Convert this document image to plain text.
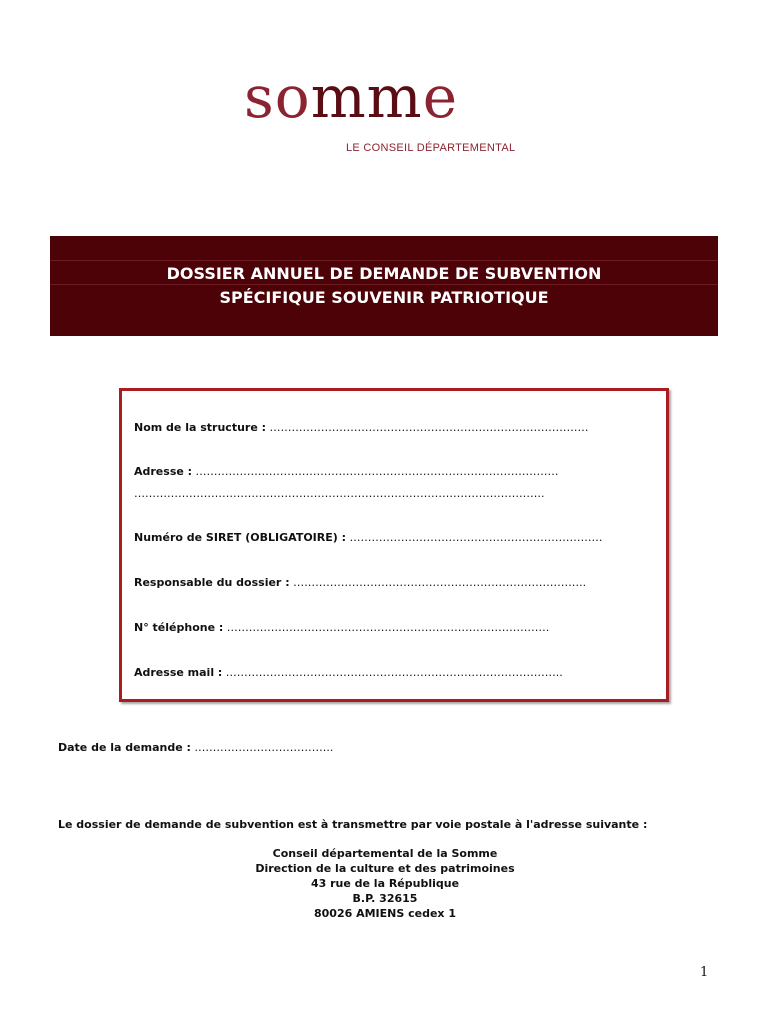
somme
LE CONSEIL DÉPARTEMENTAL
DOSSIER ANNUEL DE DEMANDE DE SUBVENTION
SPÉCIFIQUE SOUVENIR PATRIOTIQUE
Nom de la structure : ……………………………………………………………………………
Adresse : ………………………………………………………………………………………
………………………………………………………………………………………………….
Numéro de SIRET (OBLIGATOIRE) : ……………………………………………………………
Responsable du dossier : ……………………………………………………………………..
N° téléphone : …………………………………………………………………………….
Adresse mail : ………………………………………………………………………………..
Date de la demande : ………………………………..
Le dossier de demande de subvention est à transmettre par voie postale à l'adresse suivante :
Conseil départemental de la Somme
Direction de la culture et des patrimoines
43 rue de la République
B.P. 32615
80026 AMIENS cedex 1
1
